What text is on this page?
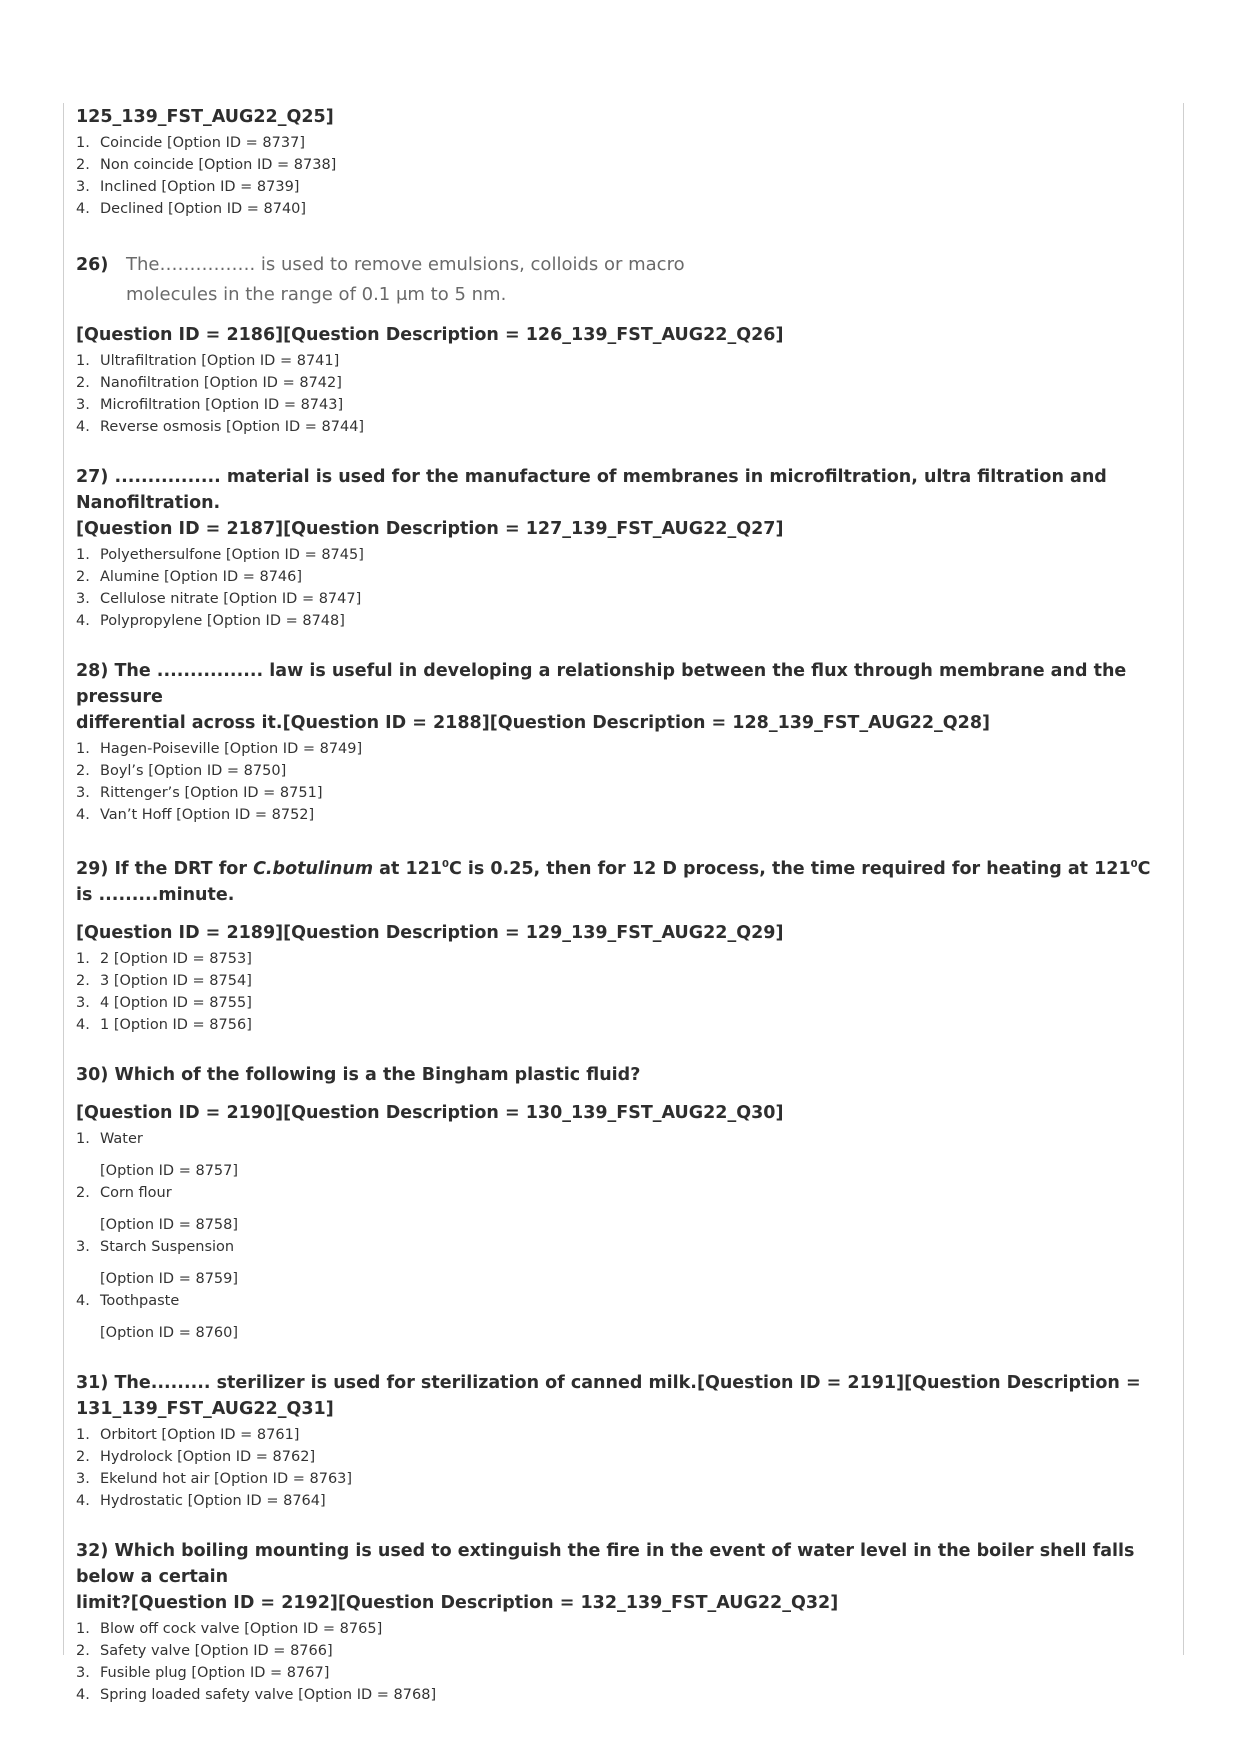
125_139_FST_AUG22_Q25]

1. Coincide [Option ID = 8737]
2. Non coincide [Option ID = 8738]
3. Inclined [Option ID = 8739]
4. Declined [Option ID = 8740]
26) The……………. is used to remove emulsions, colloids or macro
molecules in the range of 0.1 μm to 5 nm.

[Question ID = 2186][Question Description = 126_139_FST_AUG22_Q26]

1. Ultrafiltration [Option ID = 8741]
2. Nanofiltration [Option ID = 8742]
3. Microfiltration [Option ID = 8743]
4. Reverse osmosis [Option ID = 8744]

27) ................ material is used for the manufacture of membranes in microfiltration, ultra filtration and Nanofiltration.

[Question ID = 2187][Question Description = 127_139_FST_AUG22_Q27]

1. Polyethersulfone [Option ID = 8745]
2. Alumine [Option ID = 8746]
3. Cellulose nitrate [Option ID = 8747]
4. Polypropylene [Option ID = 8748]

28) The ................ law is useful in developing a relationship between the flux through membrane and the pressure

differential across it.[Question ID = 2188][Question Description = 128_139_FST_AUG22_Q28]

1. Hagen-Poiseville [Option ID = 8749]
2. Boyl’s [Option ID = 8750]
3. Rittenger’s [Option ID = 8751]
4. Van’t Hoff [Option ID = 8752]

29) If the DRT for C.botulinum at $121^0C$ is 0.25, then for 12 D process, the time required for heating at $121^0C$

is .........minute.

[Question ID = 2189][Question Description = 129_139_FST_AUG22_Q29]

1. 2 [Option ID = 8753]
2. 3 [Option ID = 8754]
3. 4 [Option ID = 8755]
4. 1 [Option ID = 8756]

30) Which of the following is a the Bingham plastic fluid?

[Question ID = 2190][Question Description = 130_139_FST_AUG22_Q30]

1. Water
[Option ID = 8757]
2. Corn flour
[Option ID = 8758]
3. Starch Suspension
[Option ID = 8759]
4. Toothpaste
[Option ID = 8760]

31) The......... sterilizer is used for sterilization of canned milk.[Question ID = 2191][Question Description =

131_139_FST_AUG22_Q31]

1. Orbitort [Option ID = 8761]
2. Hydrolock [Option ID = 8762]
3. Ekelund hot air [Option ID = 8763]
4. Hydrostatic [Option ID = 8764]

32) Which boiling mounting is used to extinguish the fire in the event of water level in the boiler shell falls below a certain

limit?[Question ID = 2192][Question Description = 132_139_FST_AUG22_Q32]

1. Blow off cock valve [Option ID = 8765]
2. Safety valve [Option ID = 8766]
3. Fusible plug [Option ID = 8767]
4. Spring loaded safety valve [Option ID = 8768]
